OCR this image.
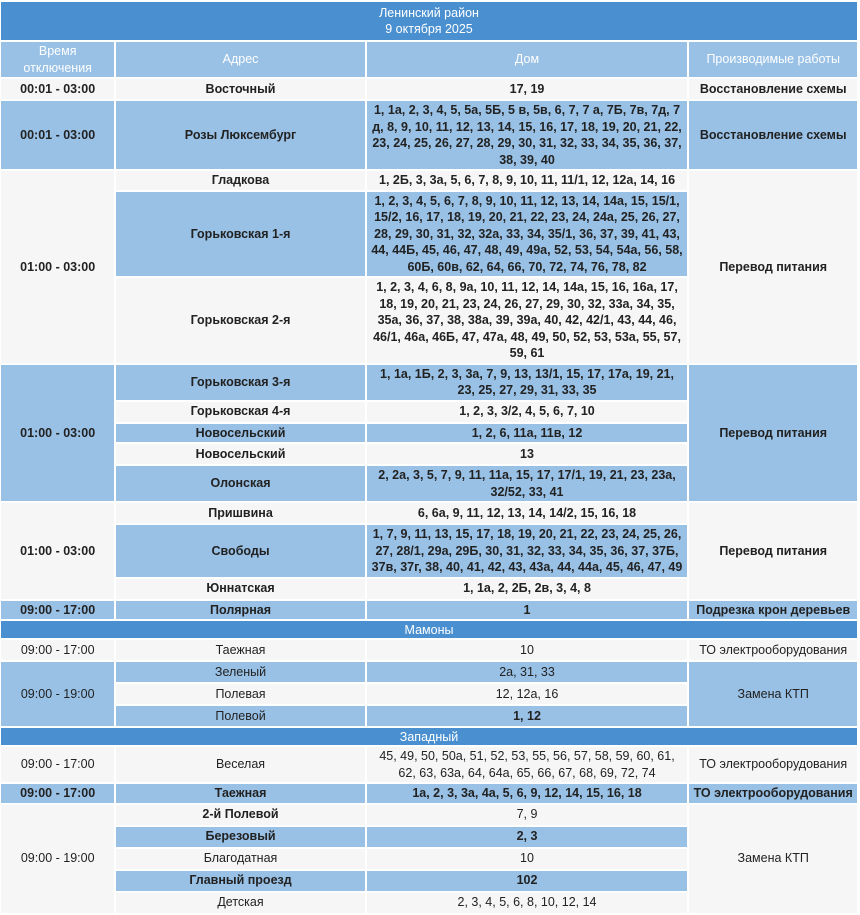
Ленинский район
9 октября 2025			

Время отключения	Адрес	Дом	Производимые работы
00:01 - 03:00	Восточный	17, 19	Восстановление схемы
00:01 - 03:00	Розы Люксембург	1, 1а, 2, 3, 4, 5, 5а, 5Б, 5 в, 5в, 6, 7, 7 а, 7Б, 7в, 7д, 7 д, 8, 9, 10, 11, 12, 13, 14, 15, 16, 17, 18, 19, 20, 21, 22, 23, 24, 25, 26, 27, 28, 29, 30, 31, 32, 33, 34, 35, 36, 37, 38, 39, 40	Восстановление схемы
01:00 - 03:00	Гладкова	1, 2Б, 3, 3а, 5, 6, 7, 8, 9, 10, 11, 11/1, 12, 12а, 14, 16	Перевод питания
	Горьковская 1-я	1, 2, 3, 4, 5, 6, 7, 8, 9, 10, 11, 12, 13, 14, 14а, 15, 15/1, 15/2, 16, 17, 18, 19, 20, 21, 22, 23, 24, 24а, 25, 26, 27, 28, 29, 30, 31, 32, 32а, 33, 34, 35/1, 36, 37, 39, 41, 43, 44, 44Б, 45, 46, 47, 48, 49, 49а, 52, 53, 54, 54а, 56, 58, 60Б, 60в, 62, 64, 66, 70, 72, 74, 76, 78, 82	
	Горьковская 2-я	1, 2, 3, 4, 6, 8, 9а, 10, 11, 12, 14, 14а, 15, 16, 16а, 17, 18, 19, 20, 21, 23, 24, 26, 27, 29, 30, 32, 33а, 34, 35, 35а, 36, 37, 38, 38а, 39, 39а, 40, 42, 42/1, 43, 44, 46, 46/1, 46а, 46Б, 47, 47а, 48, 49, 50, 52, 53, 53а, 55, 57, 59, 61	
01:00 - 03:00	Горьковская 3-я	1, 1а, 1Б, 2, 3, 3а, 7, 9, 13, 13/1, 15, 17, 17а, 19, 21, 23, 25, 27, 29, 31, 33, 35	Перевод питания
	Горьковская 4-я	1, 2, 3, 3/2, 4, 5, 6, 7, 10	
	Новосельский	1, 2, 6, 11а, 11в, 12	
	Новосельский	13	
	Олонская	2, 2а, 3, 5, 7, 9, 11, 11а, 15, 17, 17/1, 19, 21, 23, 23а, 32/52, 33, 41	
01:00 - 03:00	Пришвина	6, 6а, 9, 11, 12, 13, 14, 14/2, 15, 16, 18	Перевод питания
	Свободы	1, 7, 9, 11, 13, 15, 17, 18, 19, 20, 21, 22, 23, 24, 25, 26, 27, 28/1, 29а, 29Б, 30, 31, 32, 33, 34, 35, 36, 37, 37Б, 37в, 37г, 38, 40, 41, 42, 43, 43а, 44, 44а, 45, 46, 47, 49	
	Юннатская	1, 1а, 2, 2Б, 2в, 3, 4, 8	
09:00 - 17:00	Полярная	1	Подрезка крон деревьев
Мамоны			
09:00 - 17:00	Таежная	10	ТО электрооборудования
09:00 - 19:00	Зеленый	2а, 31, 33	Замена КТП
	Полевая	12, 12а, 16	
	Полевой	1, 12	
Западный			
09:00 - 17:00	Веселая	45, 49, 50, 50а, 51, 52, 53, 55, 56, 57, 58, 59, 60, 61, 62, 63, 63а, 64, 64а, 65, 66, 67, 68, 69, 72, 74	ТО электрооборудования
09:00 - 17:00	Таежная	1а, 2, 3, 3а, 4а, 5, 6, 9, 12, 14, 15, 16, 18	ТО электрооборудования
09:00 - 19:00	2-й Полевой	7, 9	Замена КТП
	Березовый	2, 3	
	Благодатная	10	
	Главный проезд	102	
	Детская	2, 3, 4, 5, 6, 8, 10, 12, 14	
